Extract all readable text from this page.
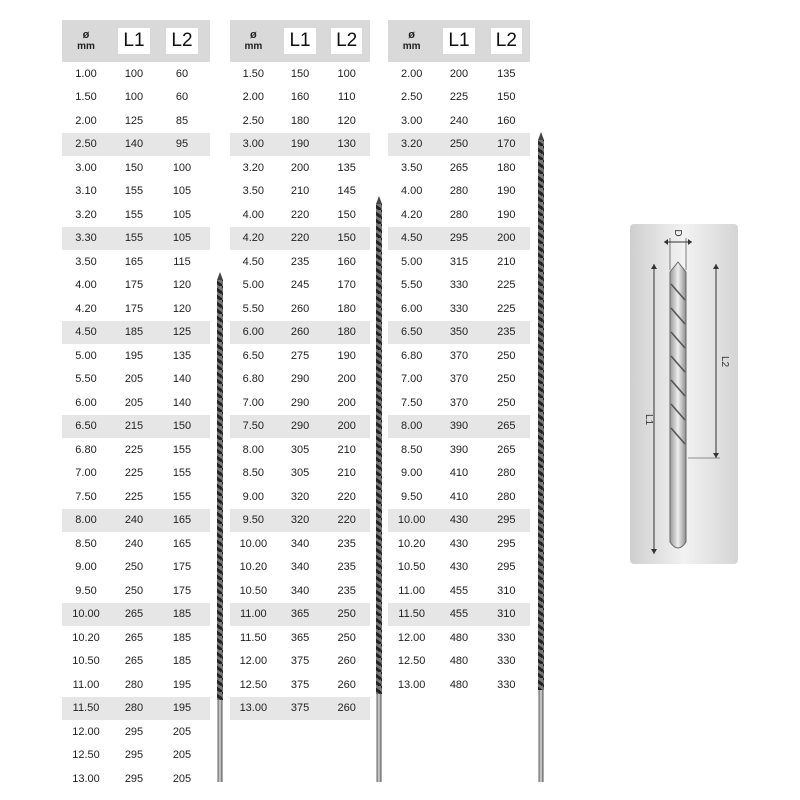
ø
mm L1 L2
1.00	100	60
1.50	100	60
2.00	125	85
2.50	140	95
3.00	150	100
3.10	155	105
3.20	155	105
3.30	155	105
3.50	165	115
4.00	175	120
4.20	175	120
4.50	185	125
5.00	195	135
5.50	205	140
6.00	205	140
6.50	215	150
6.80	225	155
7.00	225	155
7.50	225	155
8.00	240	165
8.50	240	165
9.00	250	175
9.50	250	175
10.00	265	185
10.20	265	185
10.50	265	185
11.00	280	195
11.50	280	195
12.00	295	205
12.50	295	205
13.00	295	205
ø
mm L1 L2
1.50	150	100
2.00	160	110
2.50	180	120
3.00	190	130
3.20	200	135
3.50	210	145
4.00	220	150
4.20	220	150
4.50	235	160
5.00	245	170
5.50	260	180
6.00	260	180
6.50	275	190
6.80	290	200
7.00	290	200
7.50	290	200
8.00	305	210
8.50	305	210
9.00	320	220
9.50	320	220
10.00	340	235
10.20	340	235
10.50	340	235
11.00	365	250
11.50	365	250
12.00	375	260
12.50	375	260
13.00	375	260
ø
mm L1 L2
2.00	200	135
2.50	225	150
3.00	240	160
3.20	250	170
3.50	265	180
4.00	280	190
4.20	280	190
4.50	295	200
5.00	315	210
5.50	330	225
6.00	330	225
6.50	350	235
6.80	370	250
7.00	370	250
7.50	370	250
8.00	390	265
8.50	390	265
9.00	410	280
9.50	410	280
10.00	430	295
10.20	430	295
10.50	430	295
11.00	455	310
11.50	455	310
12.00	480	330
12.50	480	330
13.00	480	330
D
L1
L2
